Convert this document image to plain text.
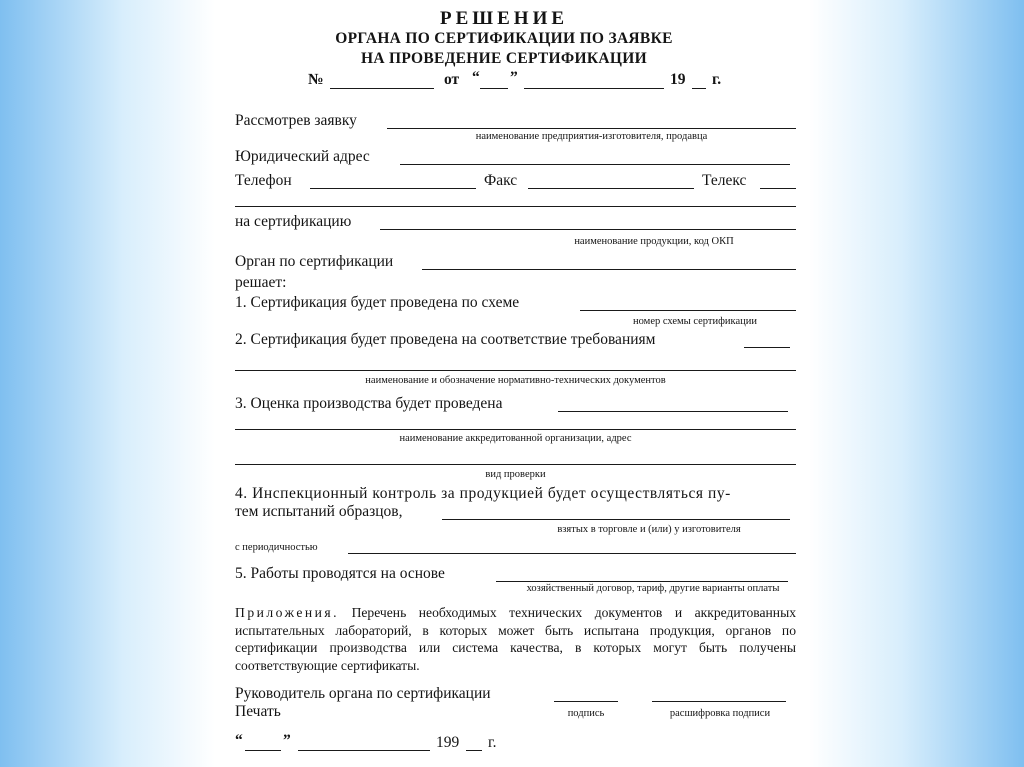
РЕШЕНИЕ
ОРГАНА ПО СЕРТИФИКАЦИИ ПО ЗАЯВКЕ
НА ПРОВЕДЕНИЕ СЕРТИФИКАЦИИ
№	от “ ”	19 г.
Рассмотрев заявку
наименование предприятия-изготовителя, продавца
Юридический адрес
Телефон	Факс	Телекс
на сертификацию
наименование продукции, код ОКП
Орган по сертификации
решает:
1. Сертификация будет проведена по схеме
номер схемы сертификации
2. Сертификация будет проведена на соответствие требованиям
наименование и обозначение нормативно-технических документов
3. Оценка производства будет проведена
наименование аккредитованной организации, адрес
вид проверки
4. Инспекционный контроль за продукцией будет осуществляться пу-
тем испытаний образцов,
взятых в торговле и (или) у изготовителя
с периодичностью
5. Работы проводятся на основе
хозяйственный договор, тариф, другие варианты оплаты
Приложения. Перечень необходимых технических документов и аккредитованных испытательных лабораторий, в которых может быть испытана продукция, органов по сертификации производства или система качества, в которых могут быть получены соответствующие сертификаты.
Руководитель органа по сертификации
Печать	подпись	расшифровка подписи
“	”	199 г.
